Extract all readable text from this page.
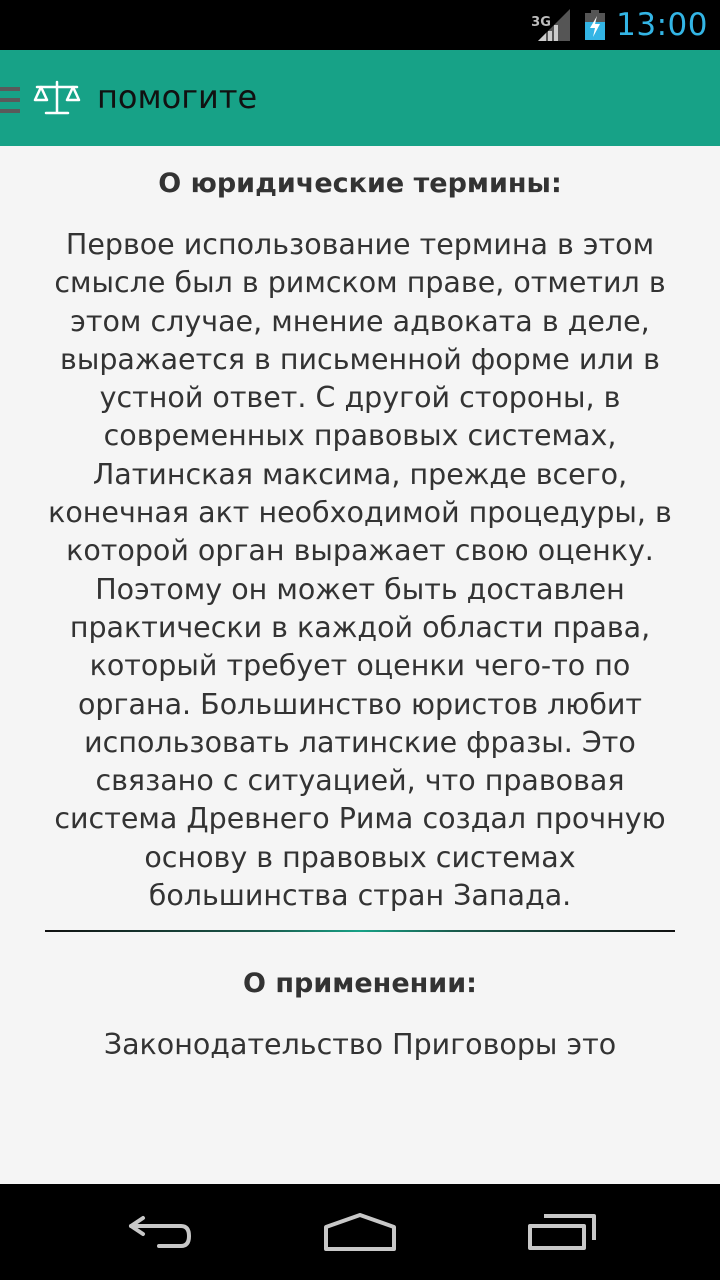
3G 13:00
помогите
О юридические термины:
Первое использование термина в этом смысле был в римском праве, отметил в этом случае, мнение адвоката в деле, выражается в письменной форме или в устной ответ. С другой стороны, в современных правовых системах, Латинская максима, прежде всего, конечная акт необходимой процедуры, в которой орган выражает свою оценку. Поэтому он может быть доставлен практически в каждой области права, который требует оценки чего-то по органа. Большинство юристов любит использовать латинские фразы. Это связано с ситуацией, что правовая система Древнего Рима создал прочную основу в правовых системах большинства стран Запада.
О применении:
Законодательство Приговоры это
